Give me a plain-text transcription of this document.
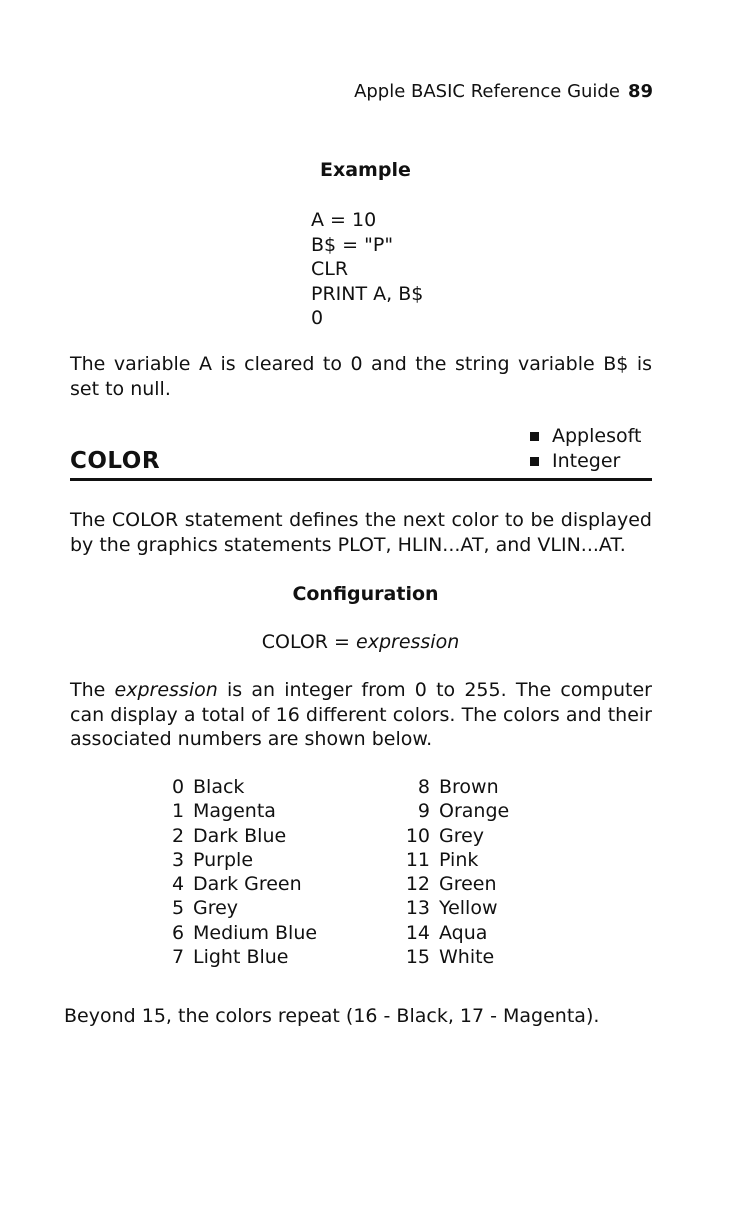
Apple BASIC Reference Guide 89
Example
A = 10
B$ = "P"
CLR
PRINT A, B$
0
The variable A is cleared to 0 and the string variable B$ is set to null.
Applesoft
Integer
COLOR
The COLOR statement defines the next color to be displayed by the graphics statements PLOT, HLIN...AT, and VLIN...AT.
Configuration
COLOR = expression
The expression is an integer from 0 to 255. The computer can display a total of 16 different colors. The colors and their associated numbers are shown below.
0 Black
1 Magenta
2 Dark Blue
3 Purple
4 Dark Green
5 Grey
6 Medium Blue
7 Light Blue
8 Brown
9 Orange
10 Grey
11 Pink
12 Green
13 Yellow
14 Aqua
15 White
Beyond 15, the colors repeat (16 - Black, 17 - Magenta).
